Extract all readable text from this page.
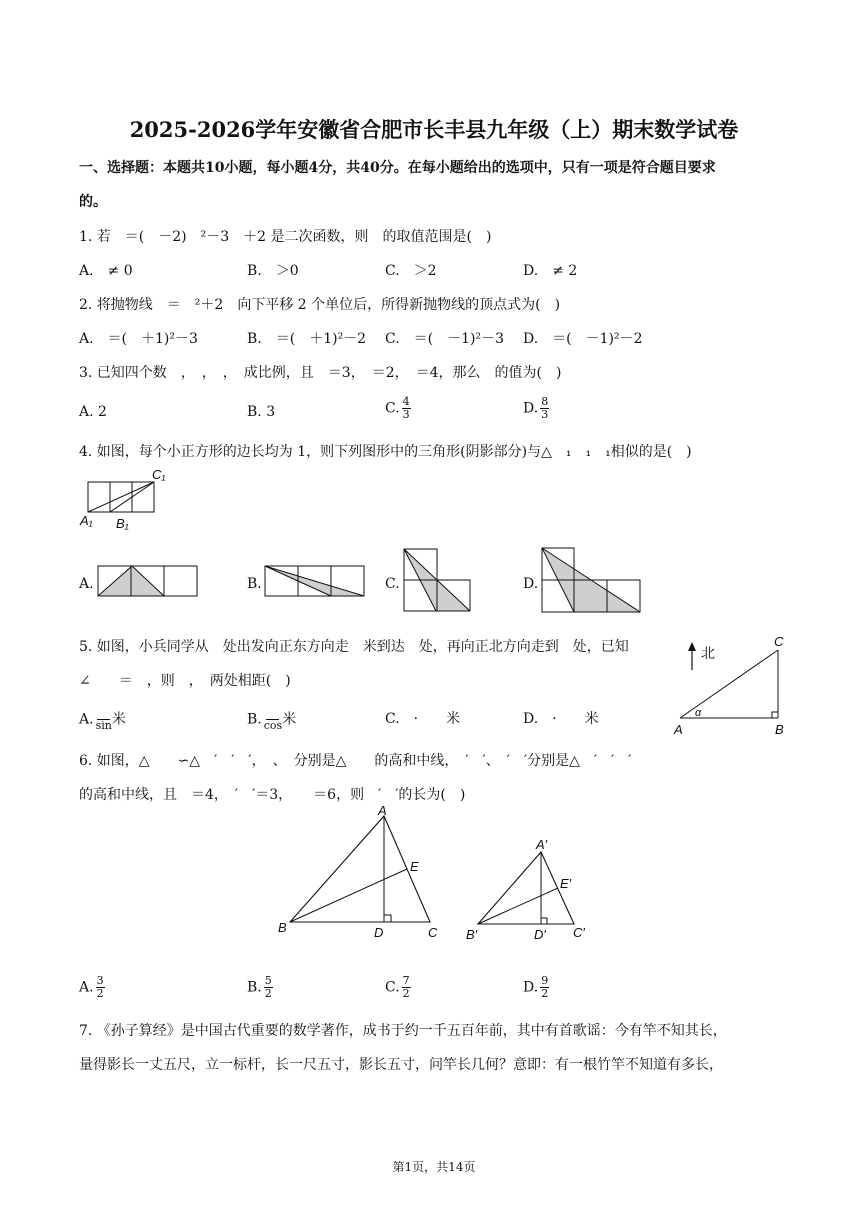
2025-2026学年安徽省合肥市长丰县九年级（上）期末数学试卷
一、选择题：本题共10小题，每小题4分，共40分。在每小题给出的选项中，只有一项是符合题目要求
的。
1. 若　＝(　－2)　²－3　＋2 是二次函数，则　的取值范围是(　)
A.　≠ 0	B.　＞0	C.　＞2	D.　≠ 2
2. 将抛物线　＝　²＋2　向下平移 2 个单位后，所得新抛物线的顶点式为(　)
A.　＝(　＋1)²－3	B.　＝(　＋1)²－2 C.　＝(　－1)²－3 D.　＝(　－1)²－2
3. 已知四个数　，　，　，　成比例，且　＝3，　＝2，　＝4，那么　的值为(　)
A. 2	B. 3	C. $\frac{4}{3}$	D. $\frac{8}{3}$
4. 如图，每个小正方形的边长均为 1，则下列图形中的三角形(阴影部分)与△　₁　₁　₁相似的是(　)
C₁
A₁ B₁
A.	B.	C.	D.
5. 如图，小兵同学从　处出发向正东方向走　米到达　处，再向正北方向走到　处，已知
∠　　＝　，则　，　两处相距(　)
A.
  sin 米	B.
  cos 米	C.　·　　米	D.　·　　米
北
A	B
C
α
6. 如图，△　　∽△　′　′　′，　、　分别是△　　的高和中线，　′　′、　′　′分别是△　′　′　′
的高和中线，且　＝4，　′　′＝3，　　＝6，则　′　′的长为(　)
A
B	C
D
E
A′
B′	C′
D′
E′
A. $\frac{3}{2}$	B. $\frac{5}{2}$	C. $\frac{7}{2}$	D. $\frac{9}{2}$
7. 《孙子算经》是中国古代重要的数学著作，成书于约一千五百年前，其中有首歌谣：今有竿不知其长，
量得影长一丈五尺，立一标杆，长一尺五寸，影长五寸，问竿长几何？意即：有一根竹竿不知道有多长，
第1页，共14页
